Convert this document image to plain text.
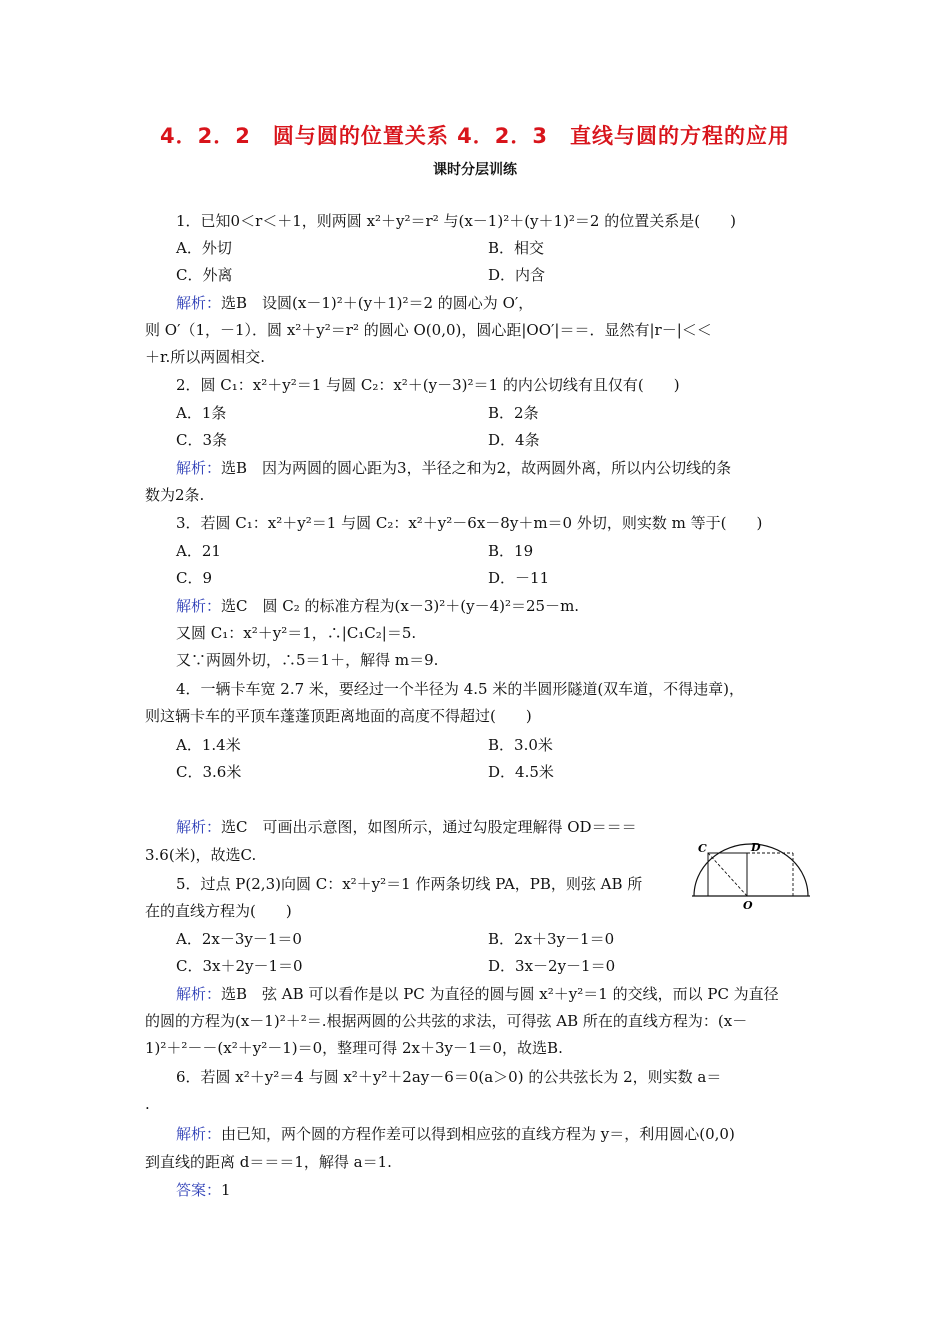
4．2．2　圆与圆的位置关系 4．2．3　直线与圆的方程的应用
课时分层训练
1．已知0＜r＜＋1，则两圆 x²＋y²＝r² 与(x－1)²＋(y＋1)²＝2 的位置关系是(　　)
A．外切	B．相交
C．外离	D．内含
解析：选B　设圆(x－1)²＋(y＋1)²＝2 的圆心为 O′，
则 O′（1，－1）．圆 x²＋y²＝r² 的圆心 O(0,0)，圆心距|OO′|＝＝．显然有|r－|＜＜
＋r.所以两圆相交.
2．圆 C₁：x²＋y²＝1 与圆 C₂：x²＋(y－3)²＝1 的内公切线有且仅有(　　)
A．1条	B．2条
C．3条	D．4条
解析：选B　因为两圆的圆心距为3，半径之和为2，故两圆外离，所以内公切线的条
数为2条.
3．若圆 C₁：x²＋y²＝1 与圆 C₂：x²＋y²－6x－8y＋m＝0 外切，则实数 m 等于(　　)
A．21	B．19
C．9	D．－11
解析：选C　圆 C₂ 的标准方程为(x－3)²＋(y－4)²＝25－m.
又圆 C₁：x²＋y²＝1，∴|C₁C₂|＝5.
又∵两圆外切，∴5＝1＋，解得 m＝9.
4．一辆卡车宽 2.7 米，要经过一个半径为 4.5 米的半圆形隧道(双车道，不得违章)，
则这辆卡车的平顶车蓬蓬顶距离地面的高度不得超过(　　)
A．1.4米	B．3.0米
C．3.6米	D．4.5米
解析：选C　可画出示意图，如图所示，通过勾股定理解得 OD＝＝＝
3.6(米)，故选C.	C	D
O
5．过点 P(2,3)向圆 C：x²＋y²＝1 作两条切线 PA，PB，则弦 AB 所
在的直线方程为(　　)
A．2x－3y－1＝0	B．2x＋3y－1＝0
C．3x＋2y－1＝0	D．3x－2y－1＝0
解析：选B　弦 AB 可以看作是以 PC 为直径的圆与圆 x²＋y²＝1 的交线，而以 PC 为直径
的圆的方程为(x－1)²＋²＝.根据两圆的公共弦的求法，可得弦 AB 所在的直线方程为：(x－
1)²＋²－－(x²＋y²－1)＝0，整理可得 2x＋3y－1＝0，故选B.
6．若圆 x²＋y²＝4 与圆 x²＋y²＋2ay－6＝0(a＞0) 的公共弦长为 2，则实数 a＝
.
解析：由已知，两个圆的方程作差可以得到相应弦的直线方程为 y＝，利用圆心(0,0)
到直线的距离 d＝＝＝1，解得 a＝1.
答案：1
